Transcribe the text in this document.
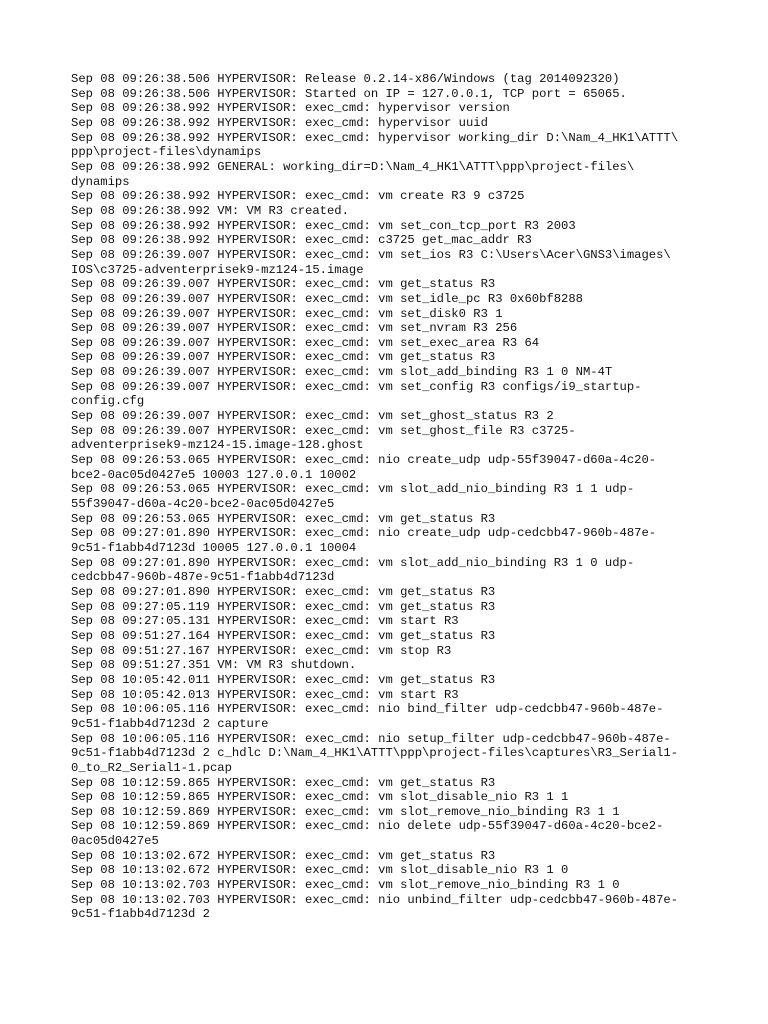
Sep 08 09:26:38.506 HYPERVISOR: Release 0.2.14-x86/Windows (tag 2014092320)
Sep 08 09:26:38.506 HYPERVISOR: Started on IP = 127.0.0.1, TCP port = 65065.
Sep 08 09:26:38.992 HYPERVISOR: exec_cmd: hypervisor version
Sep 08 09:26:38.992 HYPERVISOR: exec_cmd: hypervisor uuid
Sep 08 09:26:38.992 HYPERVISOR: exec_cmd: hypervisor working_dir D:\Nam_4_HK1\ATTT\
ppp\project-files\dynamips
Sep 08 09:26:38.992 GENERAL: working_dir=D:\Nam_4_HK1\ATTT\ppp\project-files\
dynamips
Sep 08 09:26:38.992 HYPERVISOR: exec_cmd: vm create R3 9 c3725
Sep 08 09:26:38.992 VM: VM R3 created.
Sep 08 09:26:38.992 HYPERVISOR: exec_cmd: vm set_con_tcp_port R3 2003
Sep 08 09:26:38.992 HYPERVISOR: exec_cmd: c3725 get_mac_addr R3
Sep 08 09:26:39.007 HYPERVISOR: exec_cmd: vm set_ios R3 C:\Users\Acer\GNS3\images\
IOS\c3725-adventerprisek9-mz124-15.image
Sep 08 09:26:39.007 HYPERVISOR: exec_cmd: vm get_status R3
Sep 08 09:26:39.007 HYPERVISOR: exec_cmd: vm set_idle_pc R3 0x60bf8288
Sep 08 09:26:39.007 HYPERVISOR: exec_cmd: vm set_disk0 R3 1
Sep 08 09:26:39.007 HYPERVISOR: exec_cmd: vm set_nvram R3 256
Sep 08 09:26:39.007 HYPERVISOR: exec_cmd: vm set_exec_area R3 64
Sep 08 09:26:39.007 HYPERVISOR: exec_cmd: vm get_status R3
Sep 08 09:26:39.007 HYPERVISOR: exec_cmd: vm slot_add_binding R3 1 0 NM-4T
Sep 08 09:26:39.007 HYPERVISOR: exec_cmd: vm set_config R3 configs/i9_startup-
config.cfg
Sep 08 09:26:39.007 HYPERVISOR: exec_cmd: vm set_ghost_status R3 2
Sep 08 09:26:39.007 HYPERVISOR: exec_cmd: vm set_ghost_file R3 c3725-
adventerprisek9-mz124-15.image-128.ghost
Sep 08 09:26:53.065 HYPERVISOR: exec_cmd: nio create_udp udp-55f39047-d60a-4c20-
bce2-0ac05d0427e5 10003 127.0.0.1 10002
Sep 08 09:26:53.065 HYPERVISOR: exec_cmd: vm slot_add_nio_binding R3 1 1 udp-
55f39047-d60a-4c20-bce2-0ac05d0427e5
Sep 08 09:26:53.065 HYPERVISOR: exec_cmd: vm get_status R3
Sep 08 09:27:01.890 HYPERVISOR: exec_cmd: nio create_udp udp-cedcbb47-960b-487e-
9c51-f1abb4d7123d 10005 127.0.0.1 10004
Sep 08 09:27:01.890 HYPERVISOR: exec_cmd: vm slot_add_nio_binding R3 1 0 udp-
cedcbb47-960b-487e-9c51-f1abb4d7123d
Sep 08 09:27:01.890 HYPERVISOR: exec_cmd: vm get_status R3
Sep 08 09:27:05.119 HYPERVISOR: exec_cmd: vm get_status R3
Sep 08 09:27:05.131 HYPERVISOR: exec_cmd: vm start R3
Sep 08 09:51:27.164 HYPERVISOR: exec_cmd: vm get_status R3
Sep 08 09:51:27.167 HYPERVISOR: exec_cmd: vm stop R3
Sep 08 09:51:27.351 VM: VM R3 shutdown.
Sep 08 10:05:42.011 HYPERVISOR: exec_cmd: vm get_status R3
Sep 08 10:05:42.013 HYPERVISOR: exec_cmd: vm start R3
Sep 08 10:06:05.116 HYPERVISOR: exec_cmd: nio bind_filter udp-cedcbb47-960b-487e-
9c51-f1abb4d7123d 2 capture
Sep 08 10:06:05.116 HYPERVISOR: exec_cmd: nio setup_filter udp-cedcbb47-960b-487e-
9c51-f1abb4d7123d 2 c_hdlc D:\Nam_4_HK1\ATTT\ppp\project-files\captures\R3_Serial1-
0_to_R2_Serial1-1.pcap
Sep 08 10:12:59.865 HYPERVISOR: exec_cmd: vm get_status R3
Sep 08 10:12:59.865 HYPERVISOR: exec_cmd: vm slot_disable_nio R3 1 1
Sep 08 10:12:59.869 HYPERVISOR: exec_cmd: vm slot_remove_nio_binding R3 1 1
Sep 08 10:12:59.869 HYPERVISOR: exec_cmd: nio delete udp-55f39047-d60a-4c20-bce2-
0ac05d0427e5
Sep 08 10:13:02.672 HYPERVISOR: exec_cmd: vm get_status R3
Sep 08 10:13:02.672 HYPERVISOR: exec_cmd: vm slot_disable_nio R3 1 0
Sep 08 10:13:02.703 HYPERVISOR: exec_cmd: vm slot_remove_nio_binding R3 1 0
Sep 08 10:13:02.703 HYPERVISOR: exec_cmd: nio unbind_filter udp-cedcbb47-960b-487e-
9c51-f1abb4d7123d 2
